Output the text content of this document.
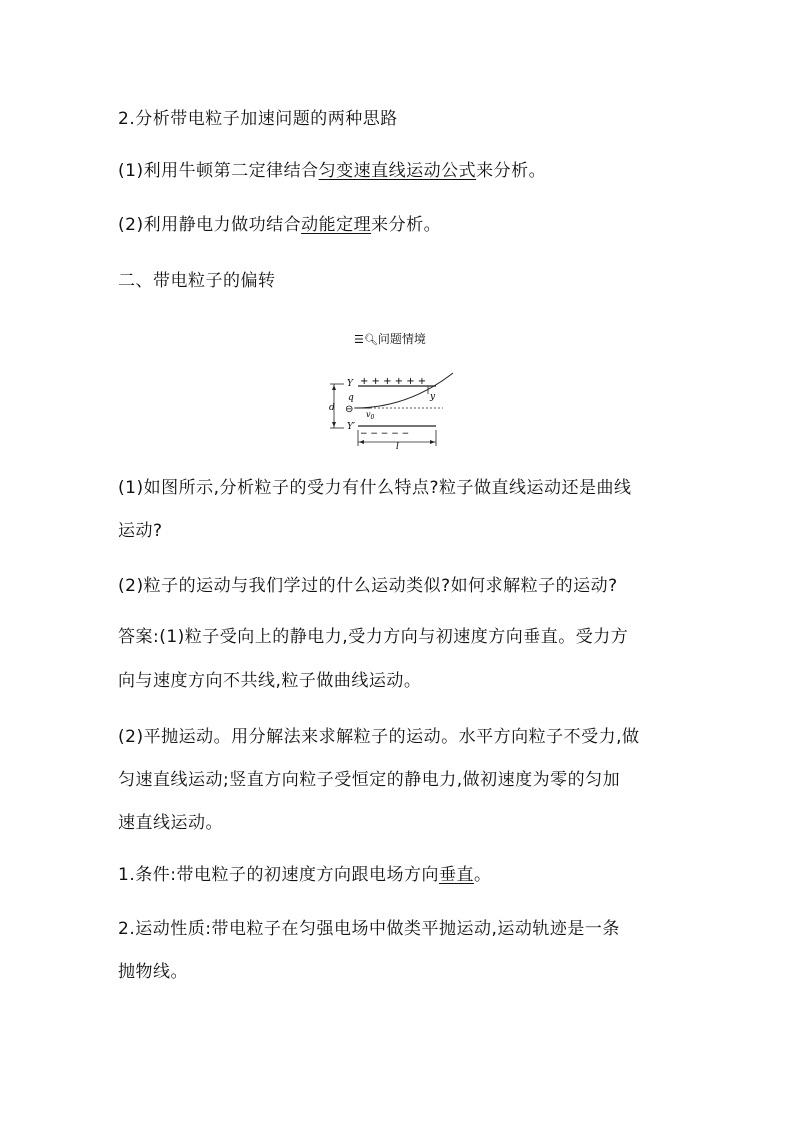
2.分析带电粒子加速问题的两种思路
(1)利用牛顿第二定律结合匀变速直线运动公式来分析。
(2)利用静电力做功结合动能定理来分析。
二、带电粒子的偏转
(1)如图所示,分析粒子的受力有什么特点?粒子做直线运动还是曲线
运动?
(2)粒子的运动与我们学过的什么运动类似?如何求解粒子的运动?
答案:(1)粒子受向上的静电力,受力方向与初速度方向垂直。受力方
向与速度方向不共线,粒子做曲线运动。
(2)平抛运动。用分解法来求解粒子的运动。水平方向粒子不受力,做
匀速直线运动;竖直方向粒子受恒定的静电力,做初速度为零的匀加
速直线运动。
1.条件:带电粒子的初速度方向跟电场方向垂直。
2.运动性质:带电粒子在匀强电场中做类平抛运动,运动轨迹是一条
抛物线。
☰🔍︎问题情境
+ + + + + +
Y
− − − − −
Y′
d
q
⊖ $v_0$
y
l
